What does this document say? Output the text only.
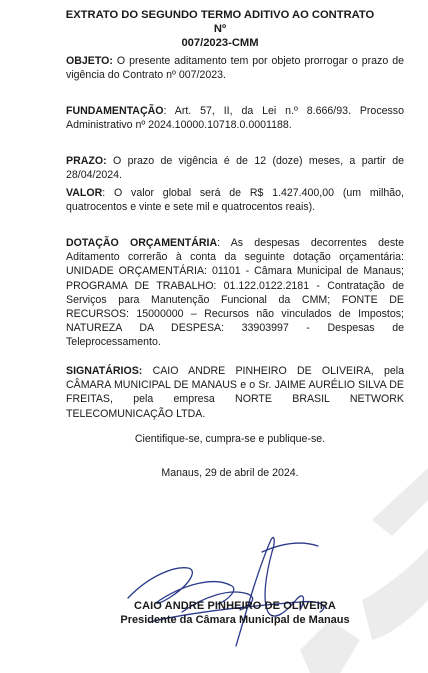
EXTRATO DO SEGUNDO TERMO ADITIVO AO CONTRATO Nº
007/2023-CMM
OBJETO: O presente aditamento tem por objeto prorrogar o prazo de vigência do Contrato nº 007/2023.
FUNDAMENTAÇÃO: Art. 57, II, da Lei n.º 8.666/93. Processo Administrativo nº 2024.10000.10718.0.0001188.
PRAZO: O prazo de vigência é de 12 (doze) meses, a partir de 28/04/2024.
VALOR: O valor global será de R$ 1.427.400,00 (um milhão, quatrocentos e vinte e sete mil e quatrocentos reais).
DOTAÇÃO ORÇAMENTÁRIA: As despesas decorrentes deste Aditamento correrão à conta da seguinte dotação orçamentária: UNIDADE ORÇAMENTÁRIA: 01101 - Câmara Municipal de Manaus; PROGRAMA DE TRABALHO: 01.122.0122.2181 - Contratação de Serviços para Manutenção Funcional da CMM; FONTE DE RECURSOS: 15000000 – Recursos não vinculados de Impostos; NATUREZA DA DESPESA: 33903997 - Despesas de Teleprocessamento.
SIGNATÁRIOS: CAIO ANDRE PINHEIRO DE OLIVEIRA, pela CÂMARA MUNICIPAL DE MANAUS e o Sr. JAIME AURÉLIO SILVA DE FREITAS, pela empresa NORTE BRASIL NETWORK TELECOMUNICAÇÃO LTDA.
Cientifique-se, cumpra-se e publique-se.
Manaus, 29 de abril de 2024.
CAIO ANDRE PINHEIRO DE OLIVEIRA
Presidente da Câmara Municipal de Manaus
